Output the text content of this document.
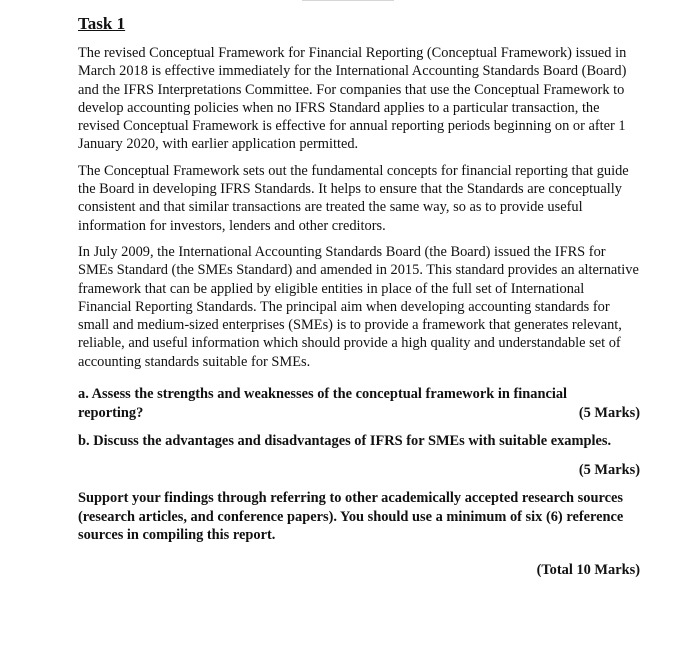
Task 1

The revised Conceptual Framework for Financial Reporting (Conceptual Framework) issued in March 2018 is effective immediately for the International Accounting Standards Board (Board) and the IFRS Interpretations Committee. For companies that use the Conceptual Framework to develop accounting policies when no IFRS Standard applies to a particular transaction, the revised Conceptual Framework is effective for annual reporting periods beginning on or after 1 January 2020, with earlier application permitted.

The Conceptual Framework sets out the fundamental concepts for financial reporting that guide the Board in developing IFRS Standards. It helps to ensure that the Standards are conceptually consistent and that similar transactions are treated the same way, so as to provide useful information for investors, lenders and other creditors.

In July 2009, the International Accounting Standards Board (the Board) issued the IFRS for SMEs Standard (the SMEs Standard) and amended in 2015. This standard provides an alternative framework that can be applied by eligible entities in place of the full set of International Financial Reporting Standards. The principal aim when developing accounting standards for small and medium-sized enterprises (SMEs) is to provide a framework that generates relevant, reliable, and useful information which should provide a high quality and understandable set of accounting standards suitable for SMEs.

a. Assess the strengths and weaknesses of the conceptual framework in financial reporting?	(5 Marks)

b. Discuss the advantages and disadvantages of IFRS for SMEs with suitable examples.

(5 Marks)

Support your findings through referring to other academically accepted research sources (research articles, and conference papers). You should use a minimum of six (6) reference sources in compiling this report.

(Total 10 Marks)
